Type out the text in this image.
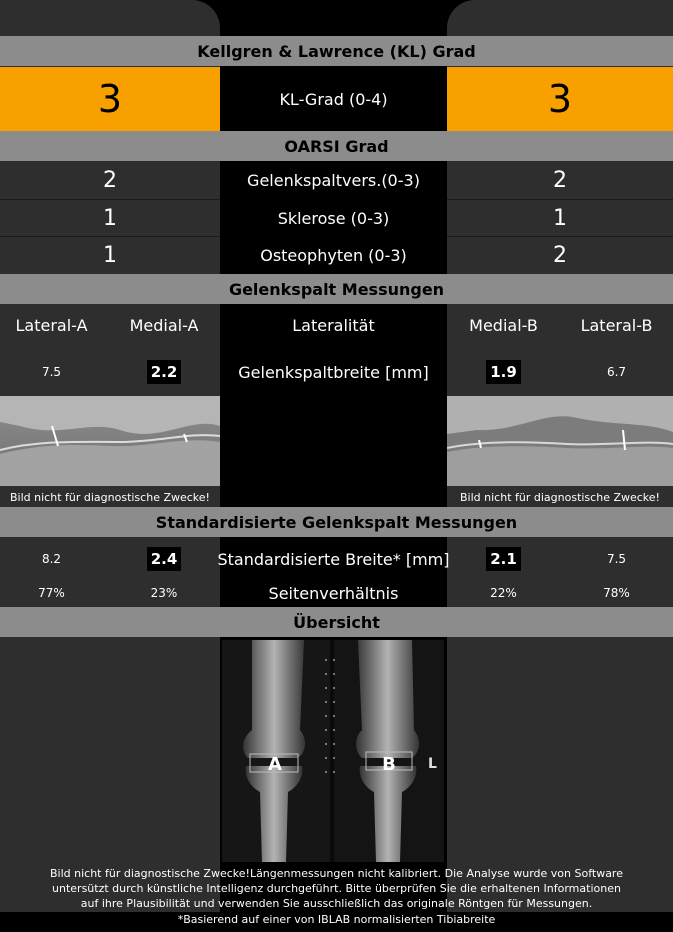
Kellgren & Lawrence (KL) Grad
3	KL-Grad (0-4)	3
OARSI Grad
2	Gelenkspaltvers.(0-3)	2
1	Sklerose (0-3)	1
1	Osteophyten (0-3)	2
Gelenkspalt Messungen
Lateral-A	Medial-A	Lateralität	Medial-B	Lateral-B
7.5	2.2	Gelenkspaltbreite [mm]	1.9	6.7
Bild nicht für diagnostische Zwecke!	Bild nicht für diagnostische Zwecke!
Standardisierte Gelenkspalt Messungen
8.2	2.4	Standardisierte Breite* [mm]	2.1	7.5
77%	23%	Seitenverhältnis	22%	78%
Übersicht
A	B L
Bild nicht für diagnostische Zwecke!Längenmessungen nicht kalibriert. Die Analyse wurde von Software
untersützt durch künstliche Intelligenz durchgeführt. Bitte überprüfen Sie die erhaltenen Informationen
auf ihre Plausibilität und verwenden Sie ausschließlich das originale Röntgen für Messungen.
*Basierend auf einer von IBLAB normalisierten Tibiabreite
